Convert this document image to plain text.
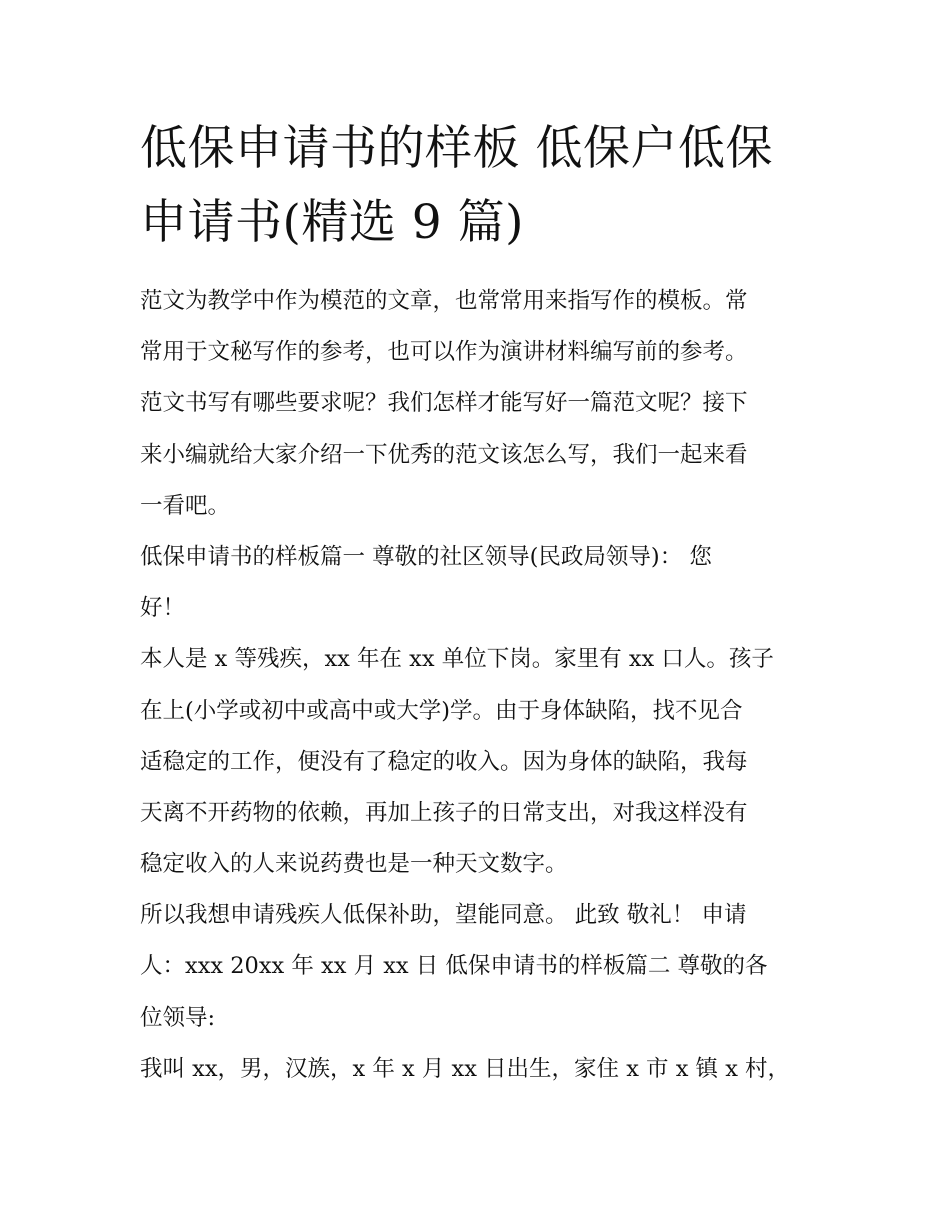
低保申请书的样板 低保户低保
申请书(精选 9 篇)

范文为教学中作为模范的文章，也常常用来指写作的模板。常
常用于文秘写作的参考，也可以作为演讲材料编写前的参考。
范文书写有哪些要求呢？我们怎样才能写好一篇范文呢？接下
来小编就给大家介绍一下优秀的范文该怎么写，我们一起来看
一看吧。

低保申请书的样板篇一 尊敬的社区领导(民政局领导)： 您
好！

本人是 x 等残疾，xx 年在 xx 单位下岗。家里有 xx 口人。孩子
在上(小学或初中或高中或大学)学。由于身体缺陷，找不见合
适稳定的工作，便没有了稳定的收入。因为身体的缺陷，我每
天离不开药物的依赖，再加上孩子的日常支出，对我这样没有
稳定收入的人来说药费也是一种天文数字。

所以我想申请残疾人低保补助，望能同意。 此致 敬礼！ 申请
人：xxx 20xx 年 xx 月 xx 日 低保申请书的样板篇二 尊敬的各
位领导:

我叫 xx，男，汉族，x 年 x 月 xx 日出生，家住 x 市 x 镇 x 村，
